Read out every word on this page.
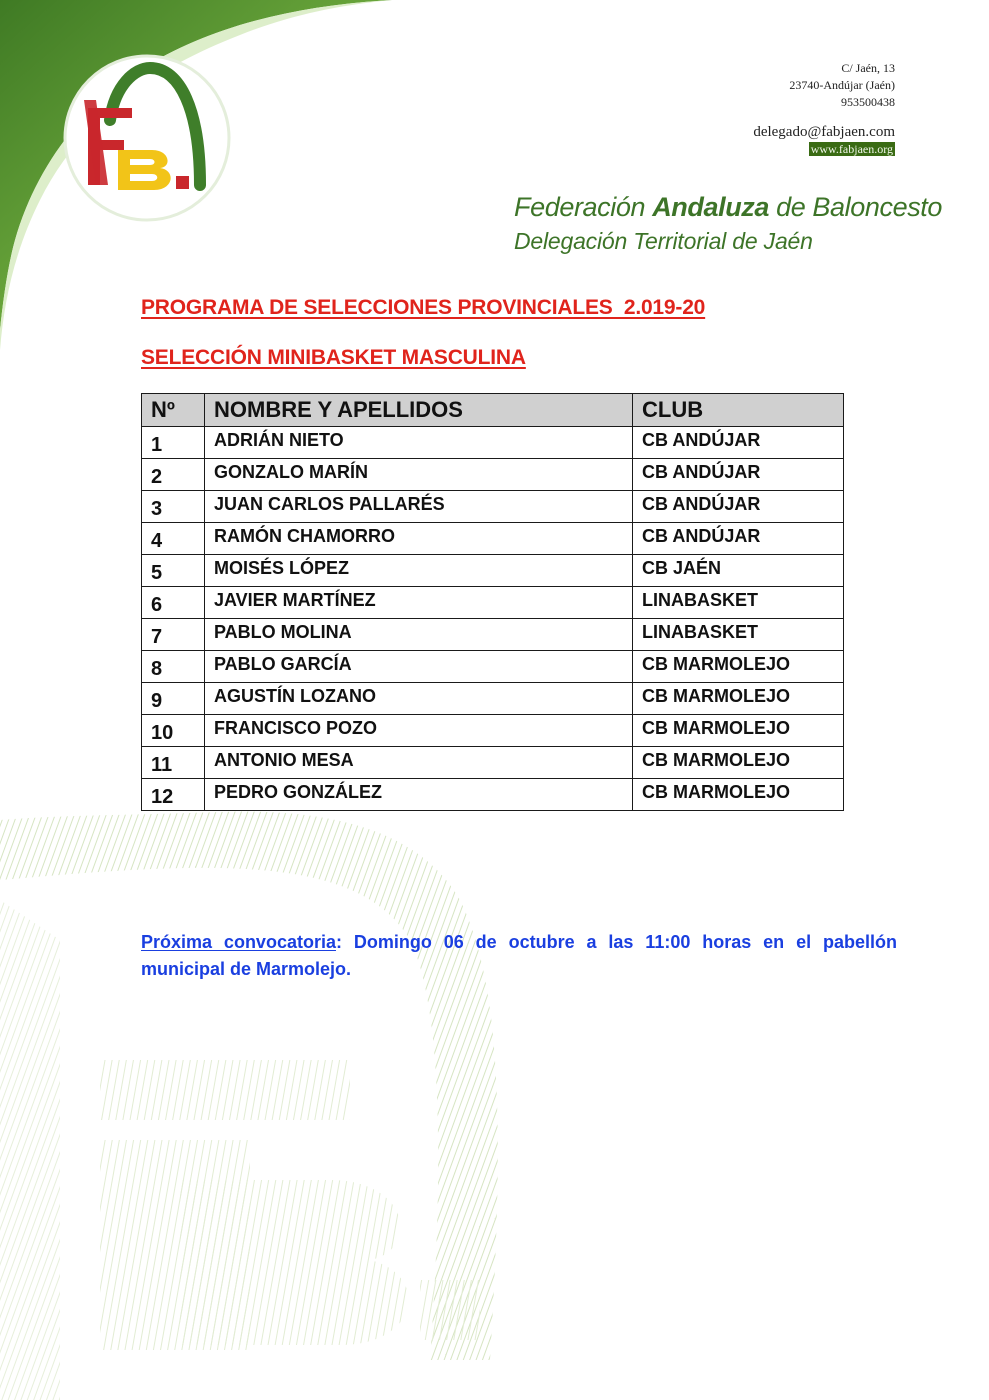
C/ Jaén, 13
23740-Andújar (Jaén)
953500438
delegado@fabjaen.com
www.fabjaen.org
Federación Andaluza de Baloncesto
Delegación Territorial de Jaén
PROGRAMA DE SELECCIONES PROVINCIALES  2.019-20
SELECCIÓN MINIBASKET MASCULINA
Nº	NOMBRE Y APELLIDOS	CLUB
1	ADRIÁN NIETO	CB ANDÚJAR
2	GONZALO MARÍN	CB ANDÚJAR
3	JUAN CARLOS PALLARÉS	CB ANDÚJAR
4	RAMÓN CHAMORRO	CB ANDÚJAR
5	MOISÉS LÓPEZ	CB JAÉN
6	JAVIER MARTÍNEZ	LINABASKET
7	PABLO MOLINA	LINABASKET
8	PABLO GARCÍA	CB MARMOLEJO
9	AGUSTÍN LOZANO	CB MARMOLEJO
10	FRANCISCO POZO	CB MARMOLEJO
11	ANTONIO MESA	CB MARMOLEJO
12	PEDRO GONZÁLEZ	CB MARMOLEJO
Próxima convocatoria: Domingo 06 de octubre a las 11:00 horas en el pabellón municipal de Marmolejo.
